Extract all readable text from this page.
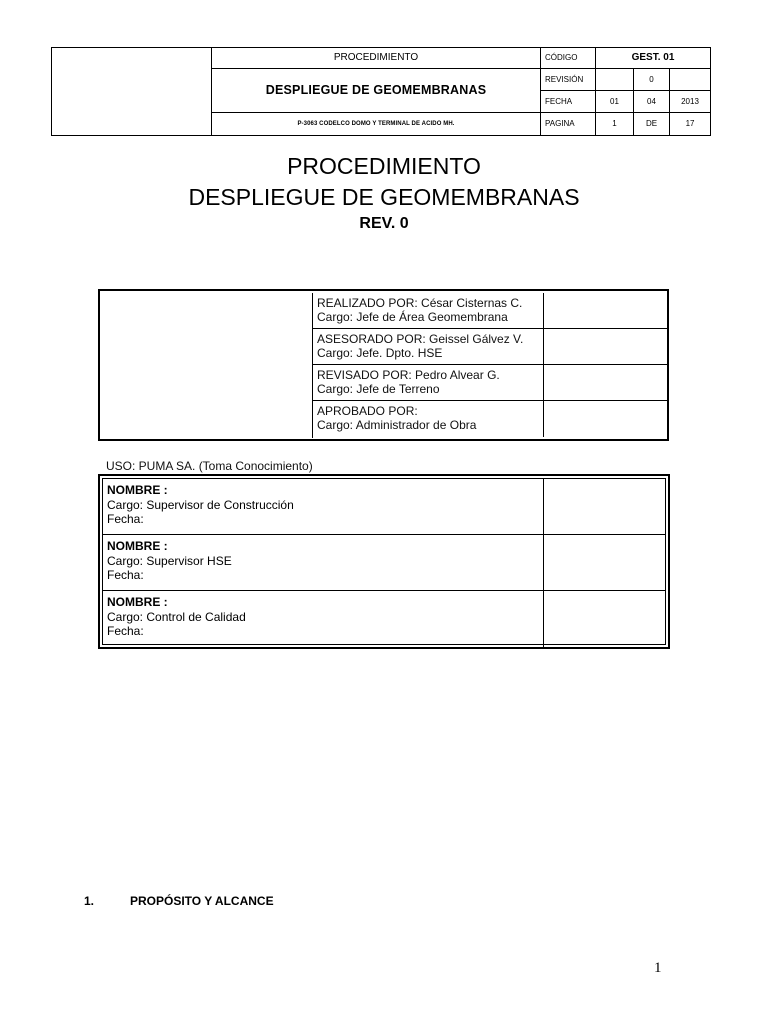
	PROCEDIMIENTO	CÓDIGO	GEST. 01		
	DESPLIEGUE DE GEOMEMBRANAS	REVISIÓN		0	
		FECHA	01	04	2013
	P-3063 CODELCO DOMO Y TERMINAL DE ACIDO MH.	PAGINA	1	DE	17
PROCEDIMIENTO
DESPLIEGUE DE GEOMEMBRANAS
REV. 0
REALIZADO POR: César Cisternas C.
Cargo: Jefe de Área Geomembrana
ASESORADO POR: Geissel Gálvez V.
Cargo: Jefe. Dpto. HSE
REVISADO POR: Pedro Alvear G.
Cargo: Jefe de Terreno
APROBADO POR:
Cargo: Administrador de Obra
USO: PUMA SA. (Toma Conocimiento)
NOMBRE :
Cargo: Supervisor de Construcción
Fecha:
NOMBRE :
Cargo: Supervisor HSE
Fecha:
NOMBRE :
Cargo: Control de Calidad
Fecha:
1.	PROPÓSITO Y ALCANCE
1
